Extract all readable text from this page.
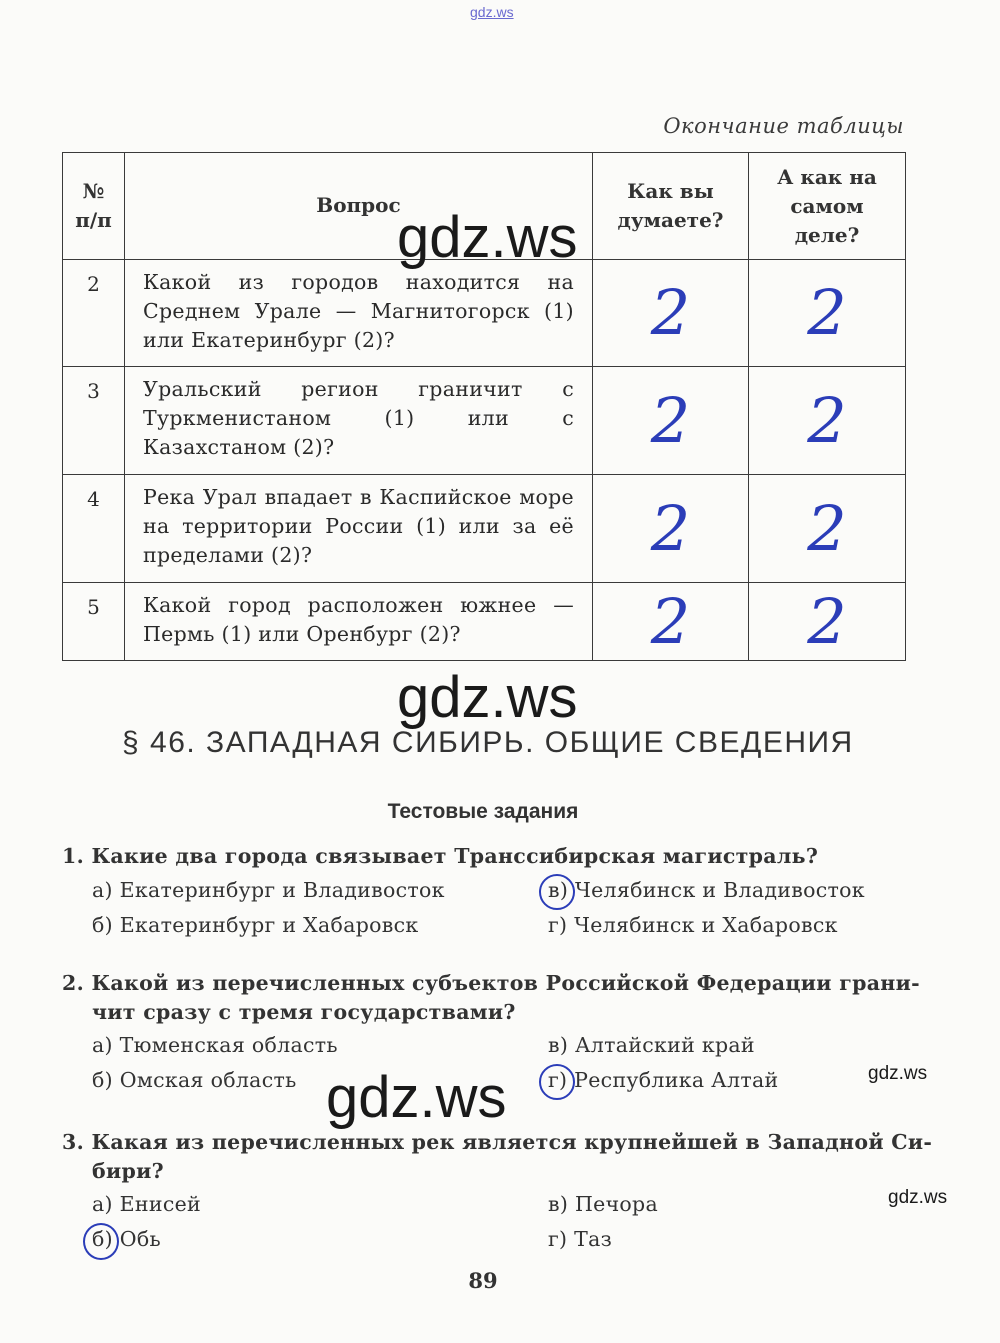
gdz.ws
Окончание таблицы
№ п/п	Вопрос	Как вы думаете?	А как на самом деле?
2	Какой из городов находится на Среднем Урале — Магнитогорск (1) или Екатеринбург (2)?	2	2
3	Уральский регион граничит с Туркменистаном (1) или с Казахстаном (2)?	2	2
4	Река Урал впадает в Каспийское море на территории России (1) или за её пределами (2)?	2	2
5	Какой город расположен южнее — Пермь (1) или Оренбург (2)?	2	2
gdz.ws
gdz.ws
§ 46. ЗАПАДНАЯ СИБИРЬ. ОБЩИЕ СВЕДЕНИЯ
Тестовые задания
1. Какие два города связывает Транссибирская магистраль?
а) Екатеринбург и Владивосток	в) Челябинск и Владивосток
б) Екатеринбург и Хабаровск	г) Челябинск и Хабаровск
2. Какой из перечисленных субъектов Российской Федерации грани-
чит сразу с тремя государствами?
а) Тюменская область	в) Алтайский край
б) Омская область	г) Республика Алтай
gdz.ws	gdz.ws
3. Какая из перечисленных рек является крупнейшей в Западной Си-
бири?
а) Енисей	в) Печора
б) Обь	г) Таз
gdz.ws
89
